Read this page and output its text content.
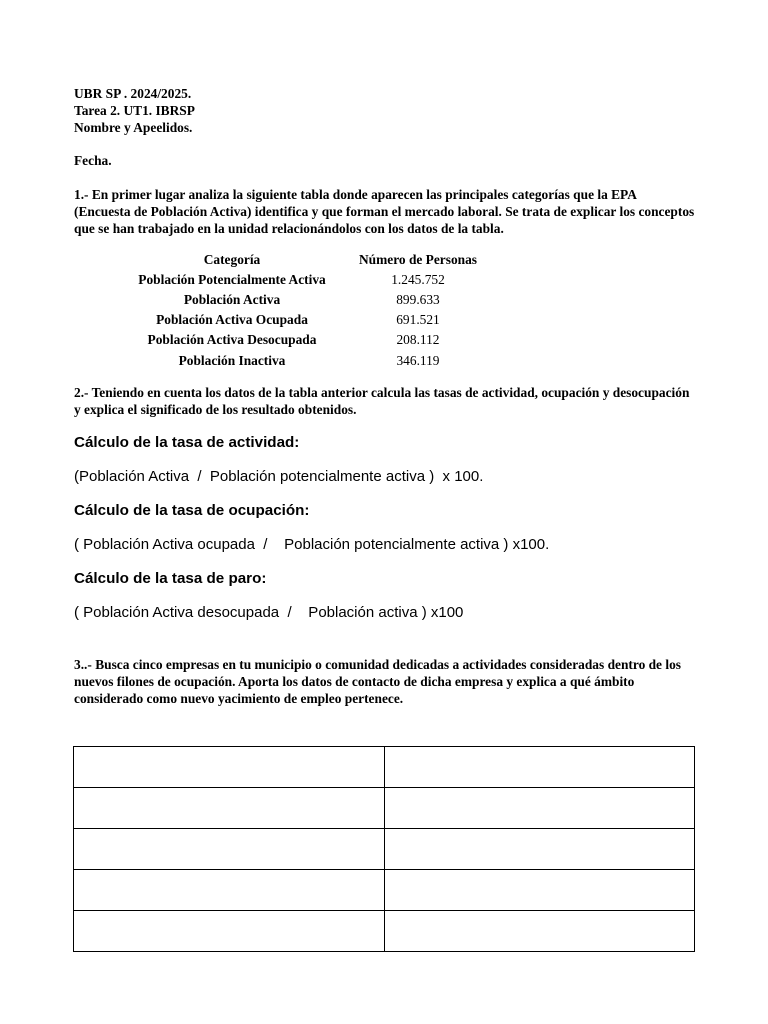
UBR SP . 2024/2025.
Tarea 2. UT1. IBRSP
Nombre y Apeelidos.
Fecha.
1.- En primer lugar analiza la siguiente tabla donde aparecen las principales categorías que la EPA (Encuesta de Población Activa) identifica y que forman el mercado laboral. Se trata de explicar los conceptos que se han trabajado en la unidad relacionándolos con los datos de la tabla.
Categoría	Número de Personas
Población Potencialmente Activa	1.245.752
Población Activa	899.633
Población Activa Ocupada	691.521
Población Activa Desocupada	208.112
Población Inactiva	346.119
2.- Teniendo en cuenta los datos de la tabla anterior calcula las tasas de actividad, ocupación y desocupación y explica el significado de los resultado obtenidos.
Cálculo de la tasa de actividad:
(Población Activa  /  Población potencialmente activa )  x 100.
Cálculo de la tasa de ocupación:
( Población Activa ocupada  /    Población potencialmente activa ) x100.
Cálculo de la tasa de paro:
( Población Activa desocupada  /    Población activa ) x100
3..- Busca cinco empresas en tu municipio o comunidad dedicadas a actividades consideradas dentro de los nuevos filones de ocupación. Aporta los datos de contacto de dicha empresa y explica a qué ámbito considerado como nuevo yacimiento de empleo pertenece.
